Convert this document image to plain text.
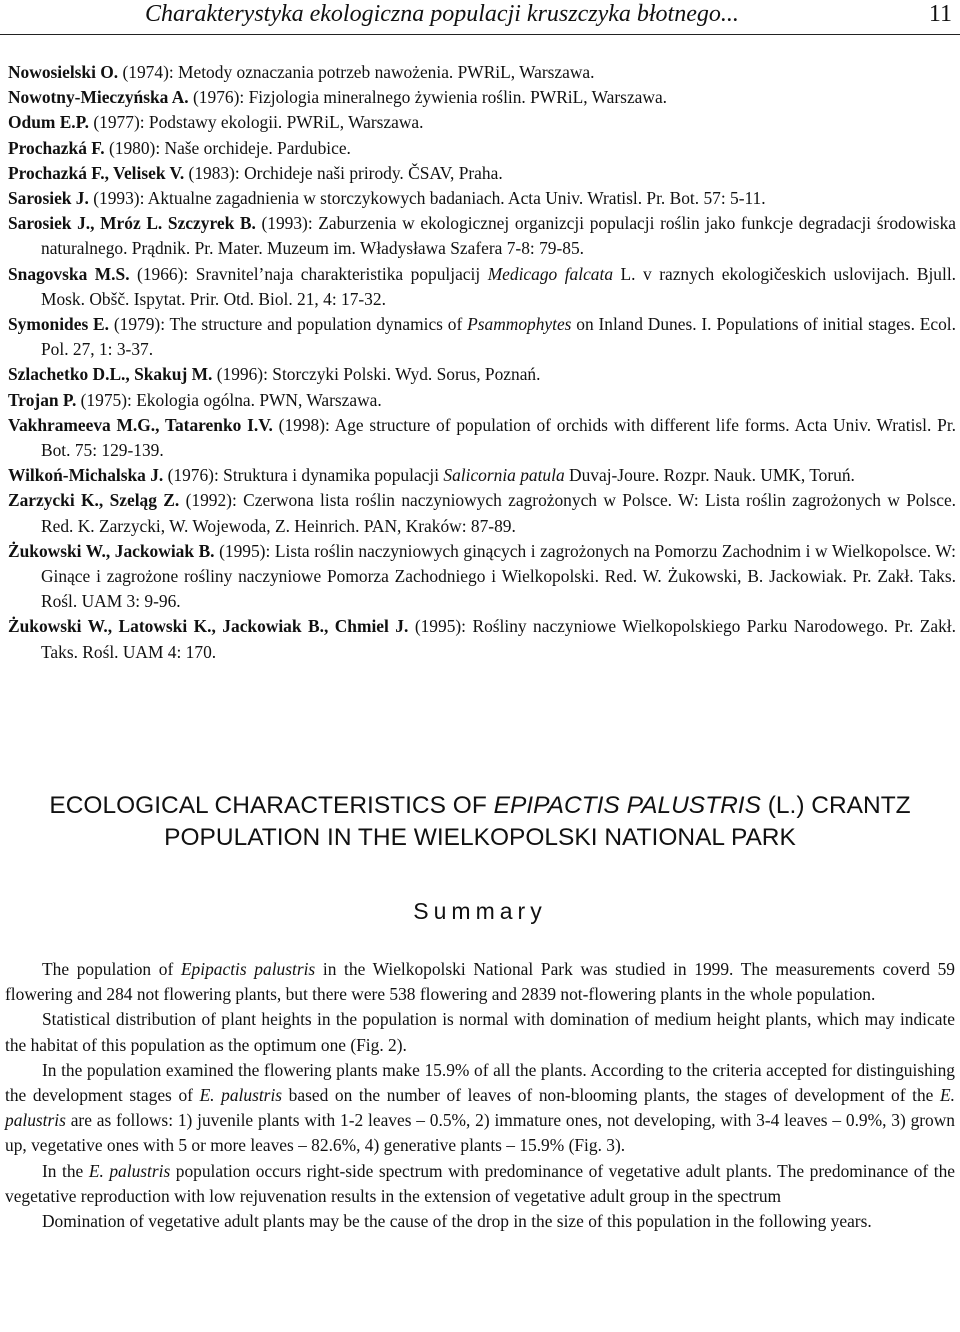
Charakterystyka ekologiczna populacji kruszczyka błotnego...	11
Nowosielski O. (1974): Metody oznaczania potrzeb nawożenia. PWRiL, Warszawa.
Nowotny-Mieczyńska A. (1976): Fizjologia mineralnego żywienia roślin. PWRiL, Warszawa.
Odum E.P. (1977): Podstawy ekologii. PWRiL, Warszawa.
Prochazká F. (1980): Naše orchideje. Pardubice.
Prochazká F., Velisek V. (1983): Orchideje naši prirody. ČSAV, Praha.
Sarosiek J. (1993): Aktualne zagadnienia w storczykowych badaniach. Acta Univ. Wratisl. Pr. Bot. 57: 5-11.
Sarosiek J., Mróz L. Szczyrek B. (1993): Zaburzenia w ekologicznej organizcji populacji roślin jako funkcje degradacji środowiska naturalnego. Prądnik. Pr. Mater. Muzeum im. Władysława Szafera 7-8: 79-85.
Snagovska M.S. (1966): Sravnitel’naja charakteristika populjacij Medicago falcata L. v raznych ekologičeskich uslovijach. Bjull. Mosk. Obšč. Ispytat. Prir. Otd. Biol. 21, 4: 17-32.
Symonides E. (1979): The structure and population dynamics of Psammophytes on Inland Dunes. I. Populations of initial stages. Ecol. Pol. 27, 1: 3-37.
Szlachetko D.L., Skakuj M. (1996): Storczyki Polski. Wyd. Sorus, Poznań.
Trojan P. (1975): Ekologia ogólna. PWN, Warszawa.
Vakhrameeva M.G., Tatarenko I.V. (1998): Age structure of population of orchids with different life forms. Acta Univ. Wratisl. Pr. Bot. 75: 129-139.
Wilkoń-Michalska J. (1976): Struktura i dynamika populacji Salicornia patula Duvaj-Joure. Rozpr. Nauk. UMK, Toruń.
Zarzycki K., Szeląg Z. (1992): Czerwona lista roślin naczyniowych zagrożonych w Polsce. W: Lista roślin zagrożonych w Polsce. Red. K. Zarzycki, W. Wojewoda, Z. Heinrich. PAN, Kraków: 87-89.
Żukowski W., Jackowiak B. (1995): Lista roślin naczyniowych ginących i zagrożonych na Pomorzu Zachodnim i w Wielkopolsce. W: Ginące i zagrożone rośliny naczyniowe Pomorza Zachodniego i Wielkopolski. Red. W. Żukowski, B. Jackowiak. Pr. Zakł. Taks. Rośl. UAM 3: 9-96.
Żukowski W., Latowski K., Jackowiak B., Chmiel J. (1995): Rośliny naczyniowe Wielkopolskiego Parku Narodowego. Pr. Zakł. Taks. Rośl. UAM 4: 170.
ECOLOGICAL CHARACTERISTICS OF EPIPACTIS PALUSTRIS (L.) CRANTZ
POPULATION IN THE WIELKOPOLSKI NATIONAL PARK
Summary

The population of Epipactis palustris in the Wielkopolski National Park was studied in 1999. The measurements coverd 59 flowering and 284 not flowering plants, but there were 538 flowering and 2839 not-flowering plants in the whole population.

Statistical distribution of plant heights in the population is normal with domination of medium height plants, which may indicate the habitat of this population as the optimum one (Fig. 2).

In the population examined the flowering plants make 15.9% of all the plants. According to the criteria accepted for distinguishing the development stages of E. palustris based on the number of leaves of non-blooming plants, the stages of development of the E. palustris are as follows: 1) juvenile plants with 1-2 leaves – 0.5%, 2) immature ones, not developing, with 3-4 leaves – 0.9%, 3) grown up, vegetative ones with 5 or more leaves – 82.6%, 4) generative plants – 15.9% (Fig. 3).

In the E. palustris population occurs right-side spectrum with predominance of vegetative adult plants. The predominance of the vegetative reproduction with low rejuvenation results in the extension of vegetative adult group in the spectrum

Domination of vegetative adult plants may be the cause of the drop in the size of this population in the following years.
